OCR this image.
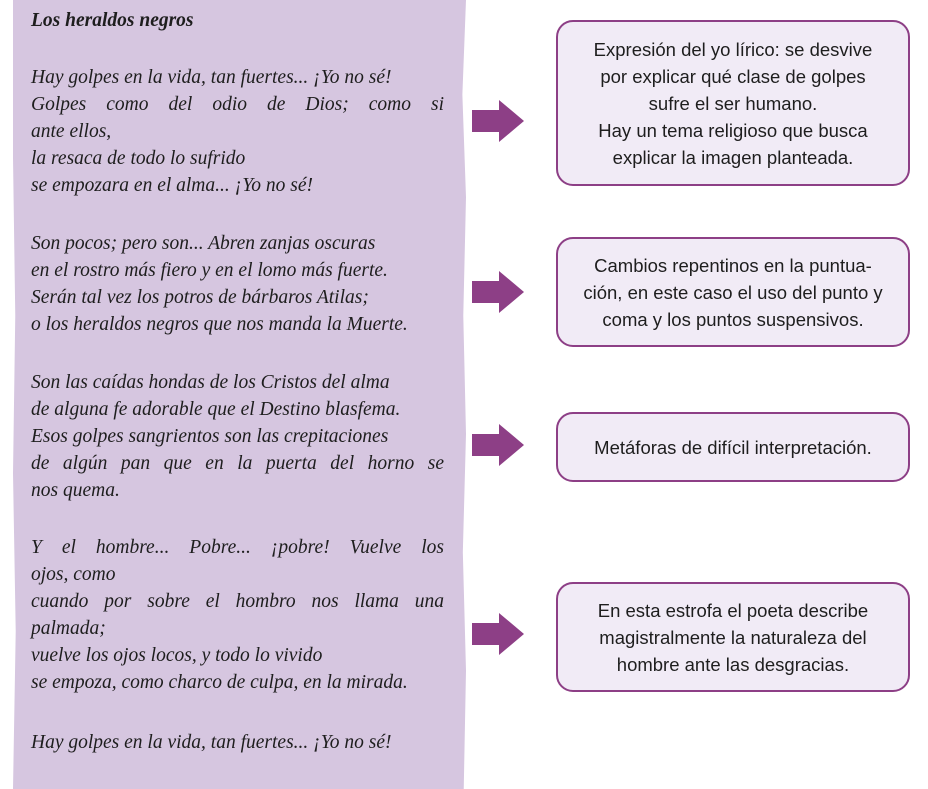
Los heraldos negros
Hay golpes en la vida, tan fuertes... ¡Yo no sé!
Golpes como del odio de Dios; como si
ante ellos,
la resaca de todo lo sufrido
se empozara en el alma... ¡Yo no sé!
Son pocos; pero son... Abren zanjas oscuras
en el rostro más fiero y en el lomo más fuerte.
Serán tal vez los potros de bárbaros Atilas;
o los heraldos negros que nos manda la Muerte.
Son las caídas hondas de los Cristos del alma
de alguna fe adorable que el Destino blasfema.
Esos golpes sangrientos son las crepitaciones
de algún pan que en la puerta del horno se
nos quema.
Y el hombre... Pobre... ¡pobre! Vuelve los
ojos, como
cuando por sobre el hombro nos llama una
palmada;
vuelve los ojos locos, y todo lo vivido
se empoza, como charco de culpa, en la mirada.
Hay golpes en la vida, tan fuertes... ¡Yo no sé!
Expresión del yo lírico: se desvive
por explicar qué clase de golpes
sufre el ser humano.
Hay un tema religioso que busca
explicar la imagen planteada.
Cambios repentinos en la puntua-
ción, en este caso el uso del punto y
coma y los puntos suspensivos.
Metáforas de difícil interpretación.
En esta estrofa el poeta describe
magistralmente la naturaleza del
hombre ante las desgracias.
